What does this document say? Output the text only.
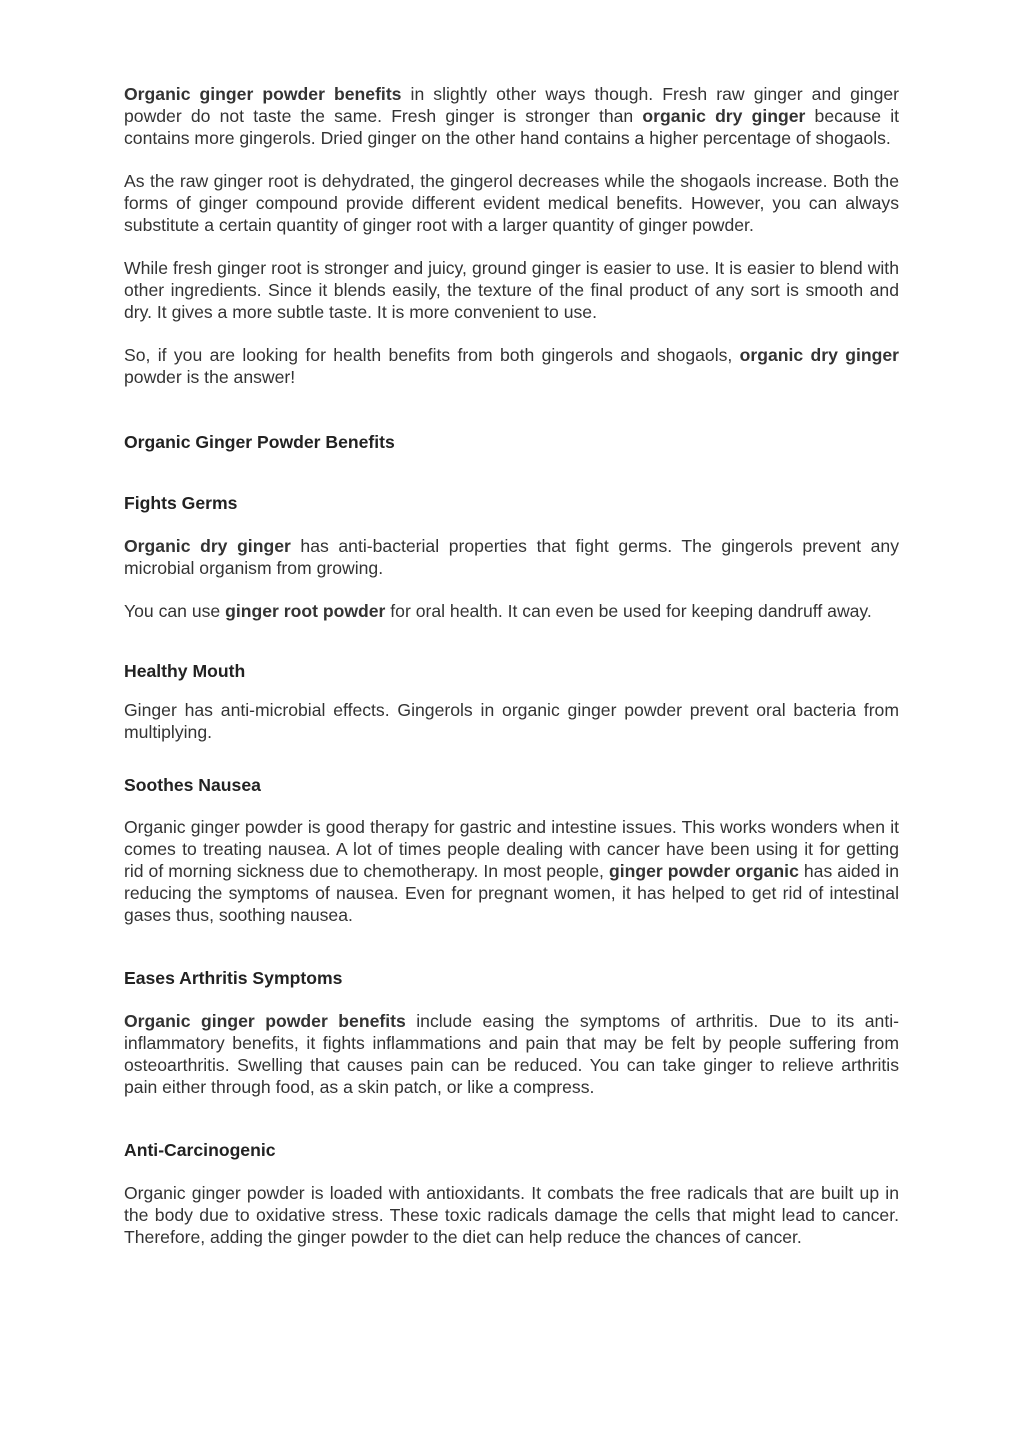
Organic ginger powder benefits in slightly other ways though. Fresh raw ginger and ginger powder do not taste the same. Fresh ginger is stronger than organic dry ginger because it contains more gingerols. Dried ginger on the other hand contains a higher percentage of shogaols.

As the raw ginger root is dehydrated, the gingerol decreases while the shogaols increase. Both the forms of ginger compound provide different evident medical benefits. However, you can always substitute a certain quantity of ginger root with a larger quantity of ginger powder.

While fresh ginger root is stronger and juicy, ground ginger is easier to use. It is easier to blend with other ingredients. Since it blends easily, the texture of the final product of any sort is smooth and dry. It gives a more subtle taste. It is more convenient to use.

So, if you are looking for health benefits from both gingerols and shogaols, organic dry ginger powder is the answer!

Organic Ginger Powder Benefits
Fights Germs

Organic dry ginger has anti-bacterial properties that fight germs. The gingerols prevent any microbial organism from growing.

You can use ginger root powder for oral health. It can even be used for keeping dandruff away.

Healthy Mouth

Ginger has anti-microbial effects. Gingerols in organic ginger powder prevent oral bacteria from multiplying.

Soothes Nausea

Organic ginger powder is good therapy for gastric and intestine issues. This works wonders when it comes to treating nausea. A lot of times people dealing with cancer have been using it for getting rid of morning sickness due to chemotherapy. In most people, ginger powder organic has aided in reducing the symptoms of nausea. Even for pregnant women, it has helped to get rid of intestinal gases thus, soothing nausea.

Eases Arthritis Symptoms

Organic ginger powder benefits include easing the symptoms of arthritis. Due to its anti-inflammatory benefits, it fights inflammations and pain that may be felt by people suffering from osteoarthritis. Swelling that causes pain can be reduced. You can take ginger to relieve arthritis pain either through food, as a skin patch, or like a compress.

Anti-Carcinogenic

Organic ginger powder is loaded with antioxidants. It combats the free radicals that are built up in the body due to oxidative stress. These toxic radicals damage the cells that might lead to cancer. Therefore, adding the ginger powder to the diet can help reduce the chances of cancer.
